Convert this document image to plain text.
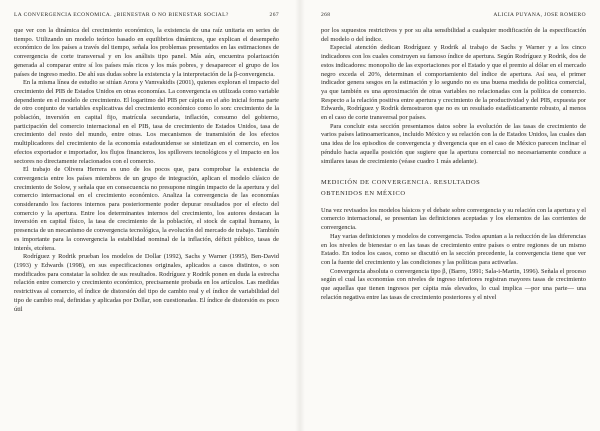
LA CONVERGENCIA ECONÓMICA. ¿BIENESTAR O NO BIENESTAR SOCIAL?	267

que ver con la dinámica del crecimiento económico, la existencia de una raíz unitaria en series de tiempo. Utilizando un modelo teórico basado en equilibrios dinámicos, que explican el desempeño económico de los países a través del tiempo, señala los problemas presentados en las estimaciones de convergencia de corte transversal y en los análisis tipo panel. Más aún, encuentra polarización generada al comparar entre sí los países más ricos y los más pobres, y desaparecer el grupo de los países de ingreso medio. De ahí sus dudas sobre la existencia y la interpretación de la β-convergencia.

En la misma línea de estudio se sitúan Arora y Vamvakidis (2001), quienes exploran el impacto del crecimiento del PIB de Estados Unidos en otras economías. La convergencia es utilizada como variable dependiente en el modelo de crecimiento. El logaritmo del PIB per cápita en el año inicial forma parte de otro conjunto de variables explicativas del crecimiento económico como lo son: crecimiento de la población, inversión en capital fijo, matrícula secundaria, inflación, consumo del gobierno, participación del comercio internacional en el PIB, tasa de crecimiento de Estados Unidos, tasa de crecimiento del resto del mundo, entre otras. Los mecanismos de transmisión de los efectos multiplicadores del crecimiento de la economía estadounidense se sintetizan en el comercio, en los efectos exportador e importador, los flujos financieros, los spillovers tecnológicos y el impacto en los sectores no directamente relacionados con el comercio.

El trabajo de Olivera Herrera es uno de los pocos que, para comprobar la existencia de convergencia entre los países miembros de un grupo de integración, aplican el modelo clásico de crecimiento de Solow, y señala que en consecuencia no presupone ningún impacto de la apertura y del comercio internacional en el crecimiento económico. Analiza la convergencia de las economías considerando los factores internos para posteriormente poder depurar resultados por el efecto del comercio y la apertura. Entre los determinantes internos del crecimiento, los autores destacan la inversión en capital físico, la tasa de crecimiento de la población, el stock de capital humano, la presencia de un mecanismo de convergencia tecnológica, la evolución del mercado de trabajo. También es importante para la convergencia la estabilidad nominal de la inflación, déficit público, tasas de interés, etcétera.

Rodríguez y Rodrik prueban los modelos de Dollar (1992), Sachs y Warner (1995), Ben-David (1993) y Edwards (1998), en sus especificaciones originales, aplicados a casos distintos, o son modificados para constatar la solidez de sus resultados. Rodríguez y Rodrik ponen en duda la estrecha relación entre comercio y crecimiento económico, precisamente probada en los artículos. Las medidas restrictivas al comercio, el índice de distorsión del tipo de cambio real y el índice de variabilidad del tipo de cambio real, definidas y aplicadas por Dollar, son cuestionadas. El índice de distorsión es poco útil

268	ALICIA PUYANA, JOSÉ ROMERO

por los supuestos restrictivos y por su alta sensibilidad a cualquier modificación de la especificación del modelo o del índice.

Especial atención dedican Rodríguez y Rodrik al trabajo de Sachs y Warner y a los cinco indicadores con los cuales construyen su famoso índice de apertura. Según Rodríguez y Rodrik, dos de estos indicadores: monopolio de las exportaciones por el Estado y que el premio al dólar en el mercado negro exceda el 20%, determinan el comportamiento del índice de apertura. Así sea, el primer indicador genera sesgos en la estimación y lo segundo no es una buena medida de política comercial, ya que también es una aproximación de otras variables no relacionadas con la política de comercio. Respecto a la relación positiva entre apertura y crecimiento de la productividad y del PIB, expuesta por Edwards, Rodríguez y Rodrik demostraron que no es un resultado estadísticamente robusto, al menos en el caso de corte transversal por países.

Para concluir esta sección presentamos datos sobre la evolución de las tasas de crecimiento de varios países latinoamericanos, incluido México y su relación con la de Estados Unidos, las cuales dan una idea de los episodios de convergencia y divergencia que en el caso de México parecen inclinar el péndulo hacia aquella posición que sugiere que la apertura comercial no necesariamente conduce a similares tasas de crecimiento (véase cuadro 1 más adelante).

MEDICIÓN DE CONVERGENCIA. RESULTADOS OBTENIDOS EN MÉXICO

Una vez revisados los modelos básicos y el debate sobre convergencia y su relación con la apertura y el comercio internacional, se presentan las definiciones aceptadas y los elementos de las corrientes de convergencia.

Hay varias definiciones y modelos de convergencia. Todos apuntan a la reducción de las diferencias en los niveles de bienestar o en las tasas de crecimiento entre países o entre regiones de un mismo Estado. En todos los casos, como se discutió en la sección precedente, la convergencia tiene que ver con la fuente del crecimiento y las condiciones y las políticas para activarlas.

Convergencia absoluta o convergencia tipo β, (Barro, 1991; Sala-i-Martin, 1996). Señala el proceso según el cual las economías con niveles de ingreso inferiores registran mayores tasas de crecimiento que aquellas que tienen ingresos per cápita más elevados, lo cual implica —por una parte— una relación negativa entre las tasas de crecimiento posteriores y el nivel
